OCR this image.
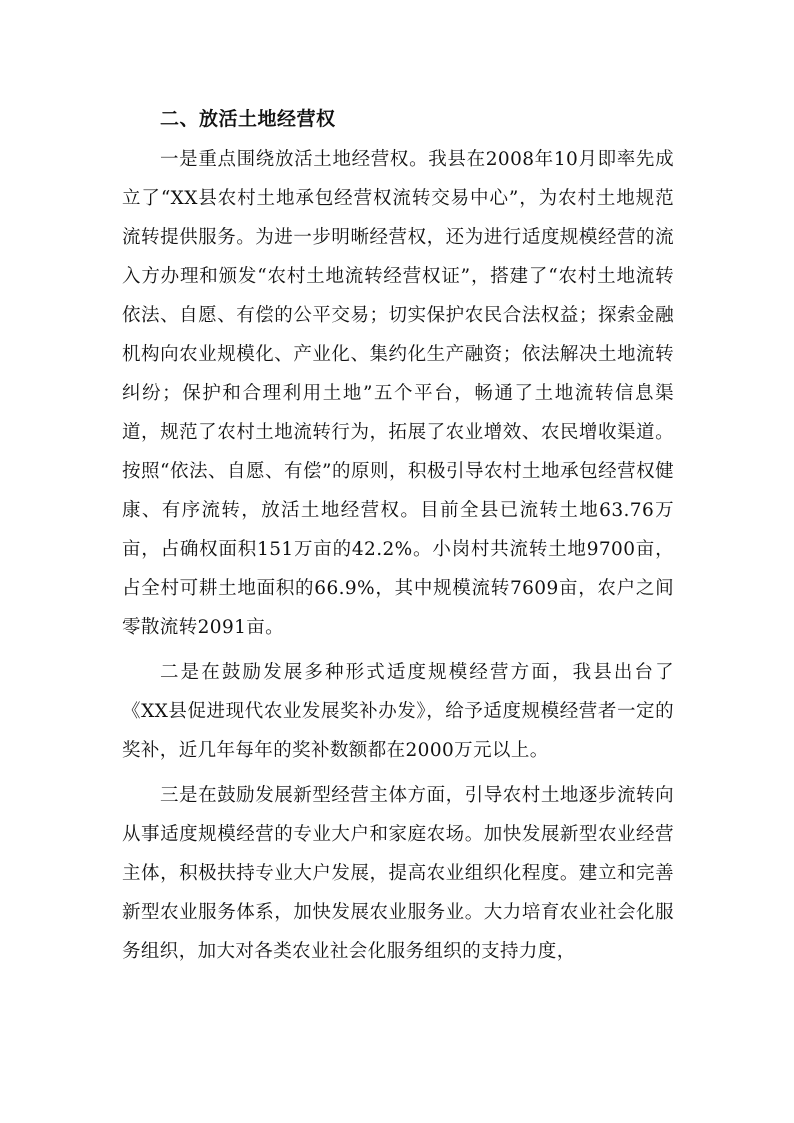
二、放活土地经营权

一是重点围绕放活土地经营权。我县在2008年10月即率先成立了“XX县农村土地承包经营权流转交易中心”，为农村土地规范流转提供服务。为进一步明晰经营权，还为进行适度规模经营的流入方办理和颁发“农村土地流转经营权证”，搭建了“农村土地流转依法、自愿、有偿的公平交易；切实保护农民合法权益；探索金融机构向农业规模化、产业化、集约化生产融资；依法解决土地流转纠纷；保护和合理利用土地”五个平台，畅通了土地流转信息渠道，规范了农村土地流转行为，拓展了农业增效、农民增收渠道。按照“依法、自愿、有偿”的原则，积极引导农村土地承包经营权健康、有序流转，放活土地经营权。目前全县已流转土地63.76万亩，占确权面积151万亩的42.2%。小岗村共流转土地9700亩，占全村可耕土地面积的66.9%，其中规模流转7609亩，农户之间零散流转2091亩。

二是在鼓励发展多种形式适度规模经营方面，我县出台了《XX县促进现代农业发展奖补办发》，给予适度规模经营者一定的奖补，近几年每年的奖补数额都在2000万元以上。

三是在鼓励发展新型经营主体方面，引导农村土地逐步流转向从事适度规模经营的专业大户和家庭农场。加快发展新型农业经营主体，积极扶持专业大户发展，提高农业组织化程度。建立和完善新型农业服务体系，加快发展农业服务业。大力培育农业社会化服务组织，加大对各类农业社会化服务组织的支持力度，
